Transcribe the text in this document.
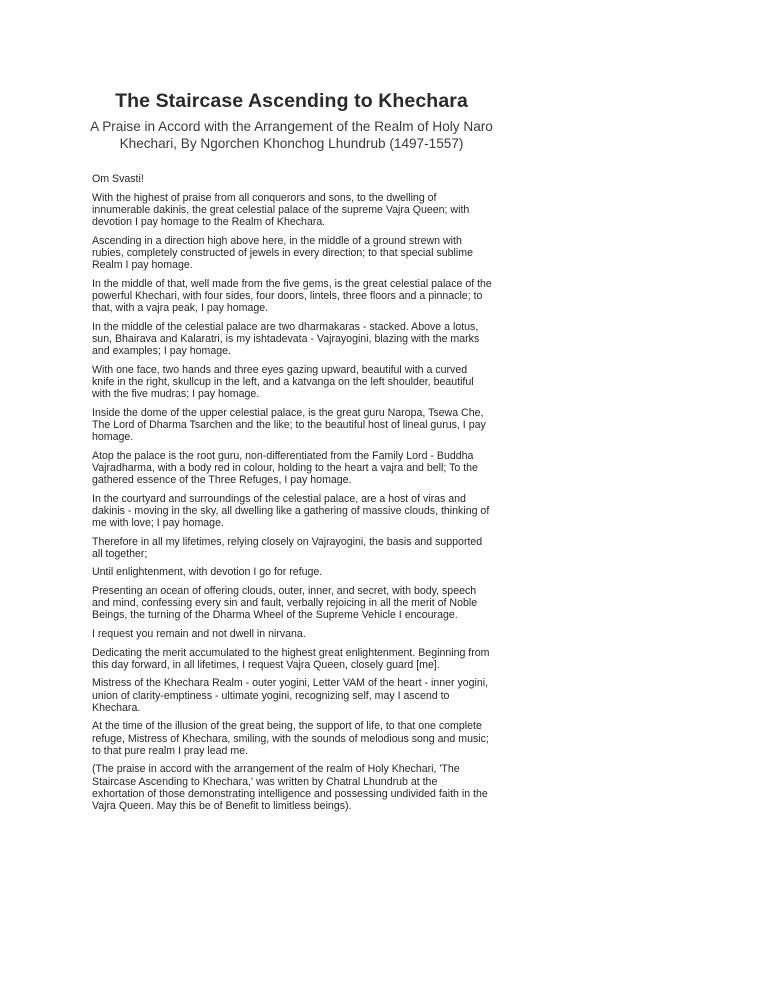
The Staircase Ascending to Khechara

A Praise in Accord with the Arrangement of the Realm of Holy Naro Khechari, By Ngorchen Khonchog Lhundrub (1497-1557)

Om Svasti!

With the highest of praise from all conquerors and sons, to the dwelling of innumerable dakinis, the great celestial palace of the supreme Vajra Queen; with devotion I pay homage to the Realm of Khechara.

Ascending in a direction high above here, in the middle of a ground strewn with rubies, completely constructed of jewels in every direction; to that special sublime Realm I pay homage.

In the middle of that, well made from the five gems, is the great celestial palace of the powerful Khechari, with four sides, four doors, lintels, three floors and a pinnacle; to that, with a vajra peak, I pay homage.

In the middle of the celestial palace are two dharmakaras - stacked. Above a lotus, sun, Bhairava and Kalaratri, is my ishtadevata - Vajrayogini, blazing with the marks and examples; I pay homage.

With one face, two hands and three eyes gazing upward, beautiful with a curved knife in the right, skullcup in the left, and a katvanga on the left shoulder, beautiful with the five mudras; I pay homage.

Inside the dome of the upper celestial palace, is the great guru Naropa, Tsewa Che, The Lord of Dharma Tsarchen and the like; to the beautiful host of lineal gurus, I pay homage.

Atop the palace is the root guru, non-differentiated from the Family Lord - Buddha Vajradharma, with a body red in colour, holding to the heart a vajra and bell; To the gathered essence of the Three Refuges, I pay homage.

In the courtyard and surroundings of the celestial palace, are a host of viras and dakinis - moving in the sky, all dwelling like a gathering of massive clouds, thinking of me with love; I pay homage.

Therefore in all my lifetimes, relying closely on Vajrayogini, the basis and supported all together;

Until enlightenment, with devotion I go for refuge.

Presenting an ocean of offering clouds, outer, inner, and secret, with body, speech and mind, confessing every sin and fault, verbally rejoicing in all the merit of Noble Beings, the turning of the Dharma Wheel of the Supreme Vehicle I encourage.

I request you remain and not dwell in nirvana.

Dedicating the merit accumulated to the highest great enlightenment. Beginning from this day forward, in all lifetimes, I request Vajra Queen, closely guard [me].

Mistress of the Khechara Realm - outer yogini, Letter VAM of the heart - inner yogini, union of clarity-emptiness - ultimate yogini, recognizing self, may I ascend to Khechara.

At the time of the illusion of the great being, the support of life, to that one complete refuge, Mistress of Khechara, smiling, with the sounds of melodious song and music; to that pure realm I pray lead me.

(The praise in accord with the arrangement of the realm of Holy Khechari, 'The Staircase Ascending to Khechara,' was written by Chatral Lhundrub at the exhortation of those demonstrating intelligence and possessing undivided faith in the Vajra Queen. May this be of Benefit to limitless beings).
